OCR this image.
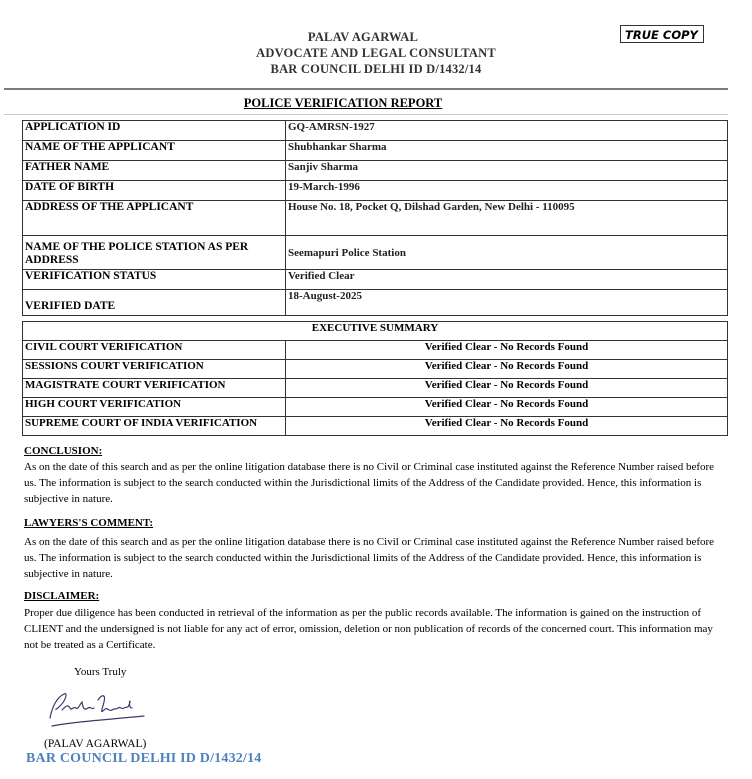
PALAV AGARWAL
ADVOCATE AND LEGAL CONSULTANT
BAR COUNCIL DELHI ID D/1432/14
TRUE COPY
POLICE VERIFICATION REPORT
APPLICATION ID	GQ-AMRSN-1927
NAME OF THE APPLICANT	Shubhankar Sharma
FATHER NAME	Sanjiv Sharma
DATE OF BIRTH	19-March-1996
ADDRESS OF THE APPLICANT	House No. 18, Pocket Q, Dilshad Garden, New Delhi - 110095
NAME OF THE POLICE STATION AS PER ADDRESS	Seemapuri Police Station
VERIFICATION STATUS	Verified Clear
VERIFIED DATE	18-August-2025
EXECUTIVE SUMMARY	
CIVIL COURT VERIFICATION	Verified Clear - No Records Found
SESSIONS COURT VERIFICATION	Verified Clear - No Records Found
MAGISTRATE COURT VERIFICATION	Verified Clear - No Records Found
HIGH COURT VERIFICATION	Verified Clear - No Records Found
SUPREME COURT OF INDIA VERIFICATION	Verified Clear - No Records Found
CONCLUSION:
As on the date of this search and as per the online litigation database there is no Civil or Criminal case instituted against the Reference Number raised before us. The information is subject to the search conducted within the Jurisdictional limits of the Address of the Candidate provided. Hence, this information is subjective in nature.
LAWYERS'S COMMENT:
As on the date of this search and as per the online litigation database there is no Civil or Criminal case instituted against the Reference Number raised before us. The information is subject to the search conducted within the Jurisdictional limits of the Address of the Candidate provided. Hence, this information is subjective in nature.
DISCLAIMER:
Proper due diligence has been conducted in retrieval of the information as per the public records available. The information is gained on the instruction of CLIENT and the undersigned is not liable for any act of error, omission, deletion or non publication of records of the concerned court. This information may not be treated as a Certificate.
Yours Truly
(PALAV AGARWAL)
BAR COUNCIL DELHI ID D/1432/14
